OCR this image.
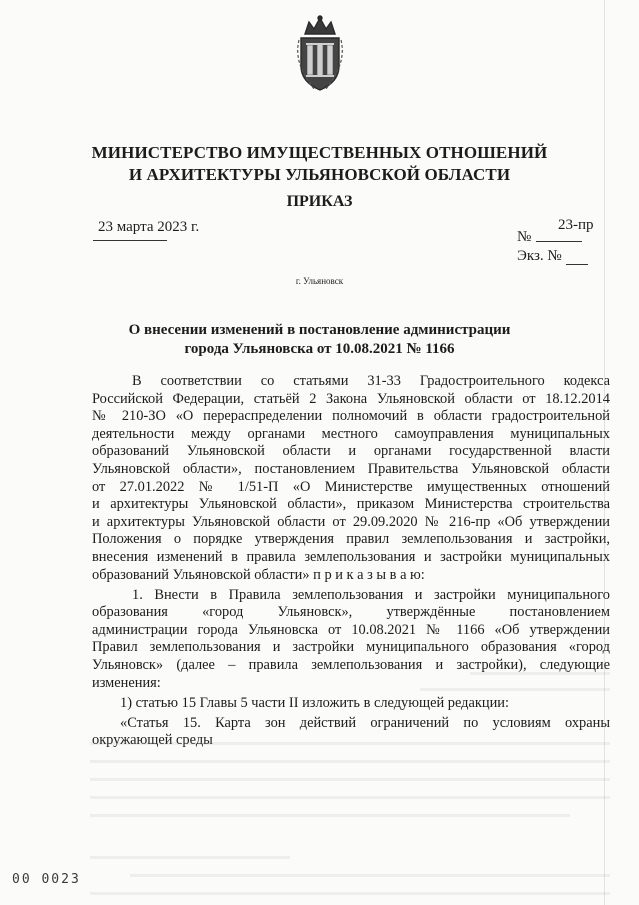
МИНИСТЕРСТВО ИМУЩЕСТВЕННЫХ ОТНОШЕНИЙ
И АРХИТЕКТУРЫ УЛЬЯНОВСКОЙ ОБЛАСТИ
ПРИКАЗ
23 марта 2023 г.
№
23-пр
Экз. №
г. Ульяновск
О внесении изменений в постановление администрации
города Ульяновска от 10.08.2021 № 1166
В соответствии со статьями 31-33 Градостроительного кодекса
Российской Федерации, статьёй 2 Закона Ульяновской области от 18.12.2014
№ 210-ЗО «О перераспределении полномочий в области градостроительной
деятельности между органами местного самоуправления муниципальных
образований Ульяновской области и органами государственной власти
Ульяновской области», постановлением Правительства Ульяновской области
от 27.01.2022 № 1/51-П «О Министерстве имущественных отношений
и архитектуры Ульяновской области», приказом Министерства строительства
и архитектуры Ульяновской области от 29.09.2020 № 216-пр «Об утверждении
Положения о порядке утверждения правил землепользования и застройки,
внесения изменений в правила землепользования и застройки муниципальных
образований Ульяновской области» п р и к а з ы в а ю:
1. Внести в Правила землепользования и застройки муниципального
образования «город Ульяновск», утверждённые постановлением
администрации города Ульяновска от 10.08.2021 № 1166 «Об утверждении
Правил землепользования и застройки муниципального образования «город
Ульяновск» (далее – правила землепользования и застройки), следующие
изменения:
1) статью 15 Главы 5 части II изложить в следующей редакции:
«Статья 15. Карта зон действий ограничений по условиям охраны
окружающей среды
00 0023
